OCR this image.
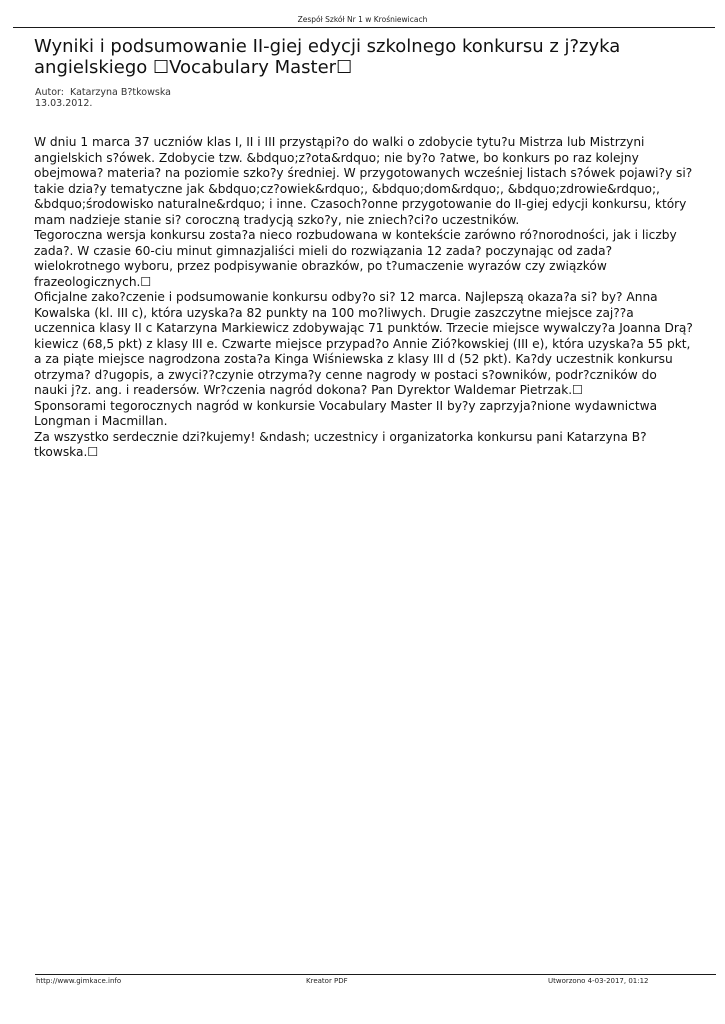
Zespół Szkół Nr 1 w Krośniewicach
Wyniki i podsumowanie II-giej edycji szkolnego konkursu z j?zyka angielskiego ☐Vocabulary Master☐
Autor:  Katarzyna B?tkowska
13.03.2012.

W dniu 1 marca 37 uczniów klas I, II i III przystąpi?o do walki o zdobycie tytu?u Mistrza lub Mistrzyni angielskich s?ówek. Zdobycie tzw. &bdquo;z?ota&rdquo; nie by?o ?atwe, bo konkurs po raz kolejny obejmowa? materia? na poziomie szko?y średniej. W przygotowanych wcześniej listach s?ówek pojawi?y si? takie dzia?y tematyczne jak &bdquo;cz?owiek&rdquo;, &bdquo;dom&rdquo;, &bdquo;zdrowie&rdquo;, &bdquo;środowisko naturalne&rdquo; i inne. Czasoch?onne przygotowanie do II-giej edycji konkursu, który mam nadzieje stanie si? coroczną tradycją szko?y, nie zniech?ci?o uczestników.

Tegoroczna wersja konkursu zosta?a nieco rozbudowana w kontekście zarówno ró?norodności, jak i liczby zada?. W czasie 60-ciu minut gimnazjaliści mieli do rozwiązania 12 zada? poczynając od zada? wielokrotnego wyboru, przez podpisywanie obrazków, po t?umaczenie wyrazów czy związków frazeologicznych.☐

Oficjalne zako?czenie i podsumowanie konkursu odby?o si? 12 marca. Najlepszą okaza?a si? by? Anna Kowalska (kl. III c), która uzyska?a 82 punkty na 100 mo?liwych. Drugie zaszczytne miejsce zaj??a uczennica klasy II c Katarzyna Markiewicz zdobywając 71 punktów. Trzecie miejsce wywalczy?a Joanna Drą?kiewicz (68,5 pkt) z klasy III e. Czwarte miejsce przypad?o Annie Zió?kowskiej (III e), która uzyska?a 55 pkt, a za piąte miejsce nagrodzona zosta?a Kinga Wiśniewska z klasy III d (52 pkt). Ka?dy uczestnik konkursu otrzyma? d?ugopis, a zwyci??czynie otrzyma?y cenne nagrody w postaci s?owników, podr?czników do nauki j?z. ang. i readersów. Wr?czenia nagród dokona? Pan Dyrektor Waldemar Pietrzak.☐

Sponsorami tegorocznych nagród w konkursie Vocabulary Master II by?y zaprzyja?nione wydawnictwa Longman i Macmillan.

Za wszystko serdecznie dzi?kujemy! &ndash; uczestnicy i organizatorka konkursu pani Katarzyna B?tkowska.☐

http://www.gimkace.info	Kreator PDF	Utworzono 4-03-2017, 01:12
